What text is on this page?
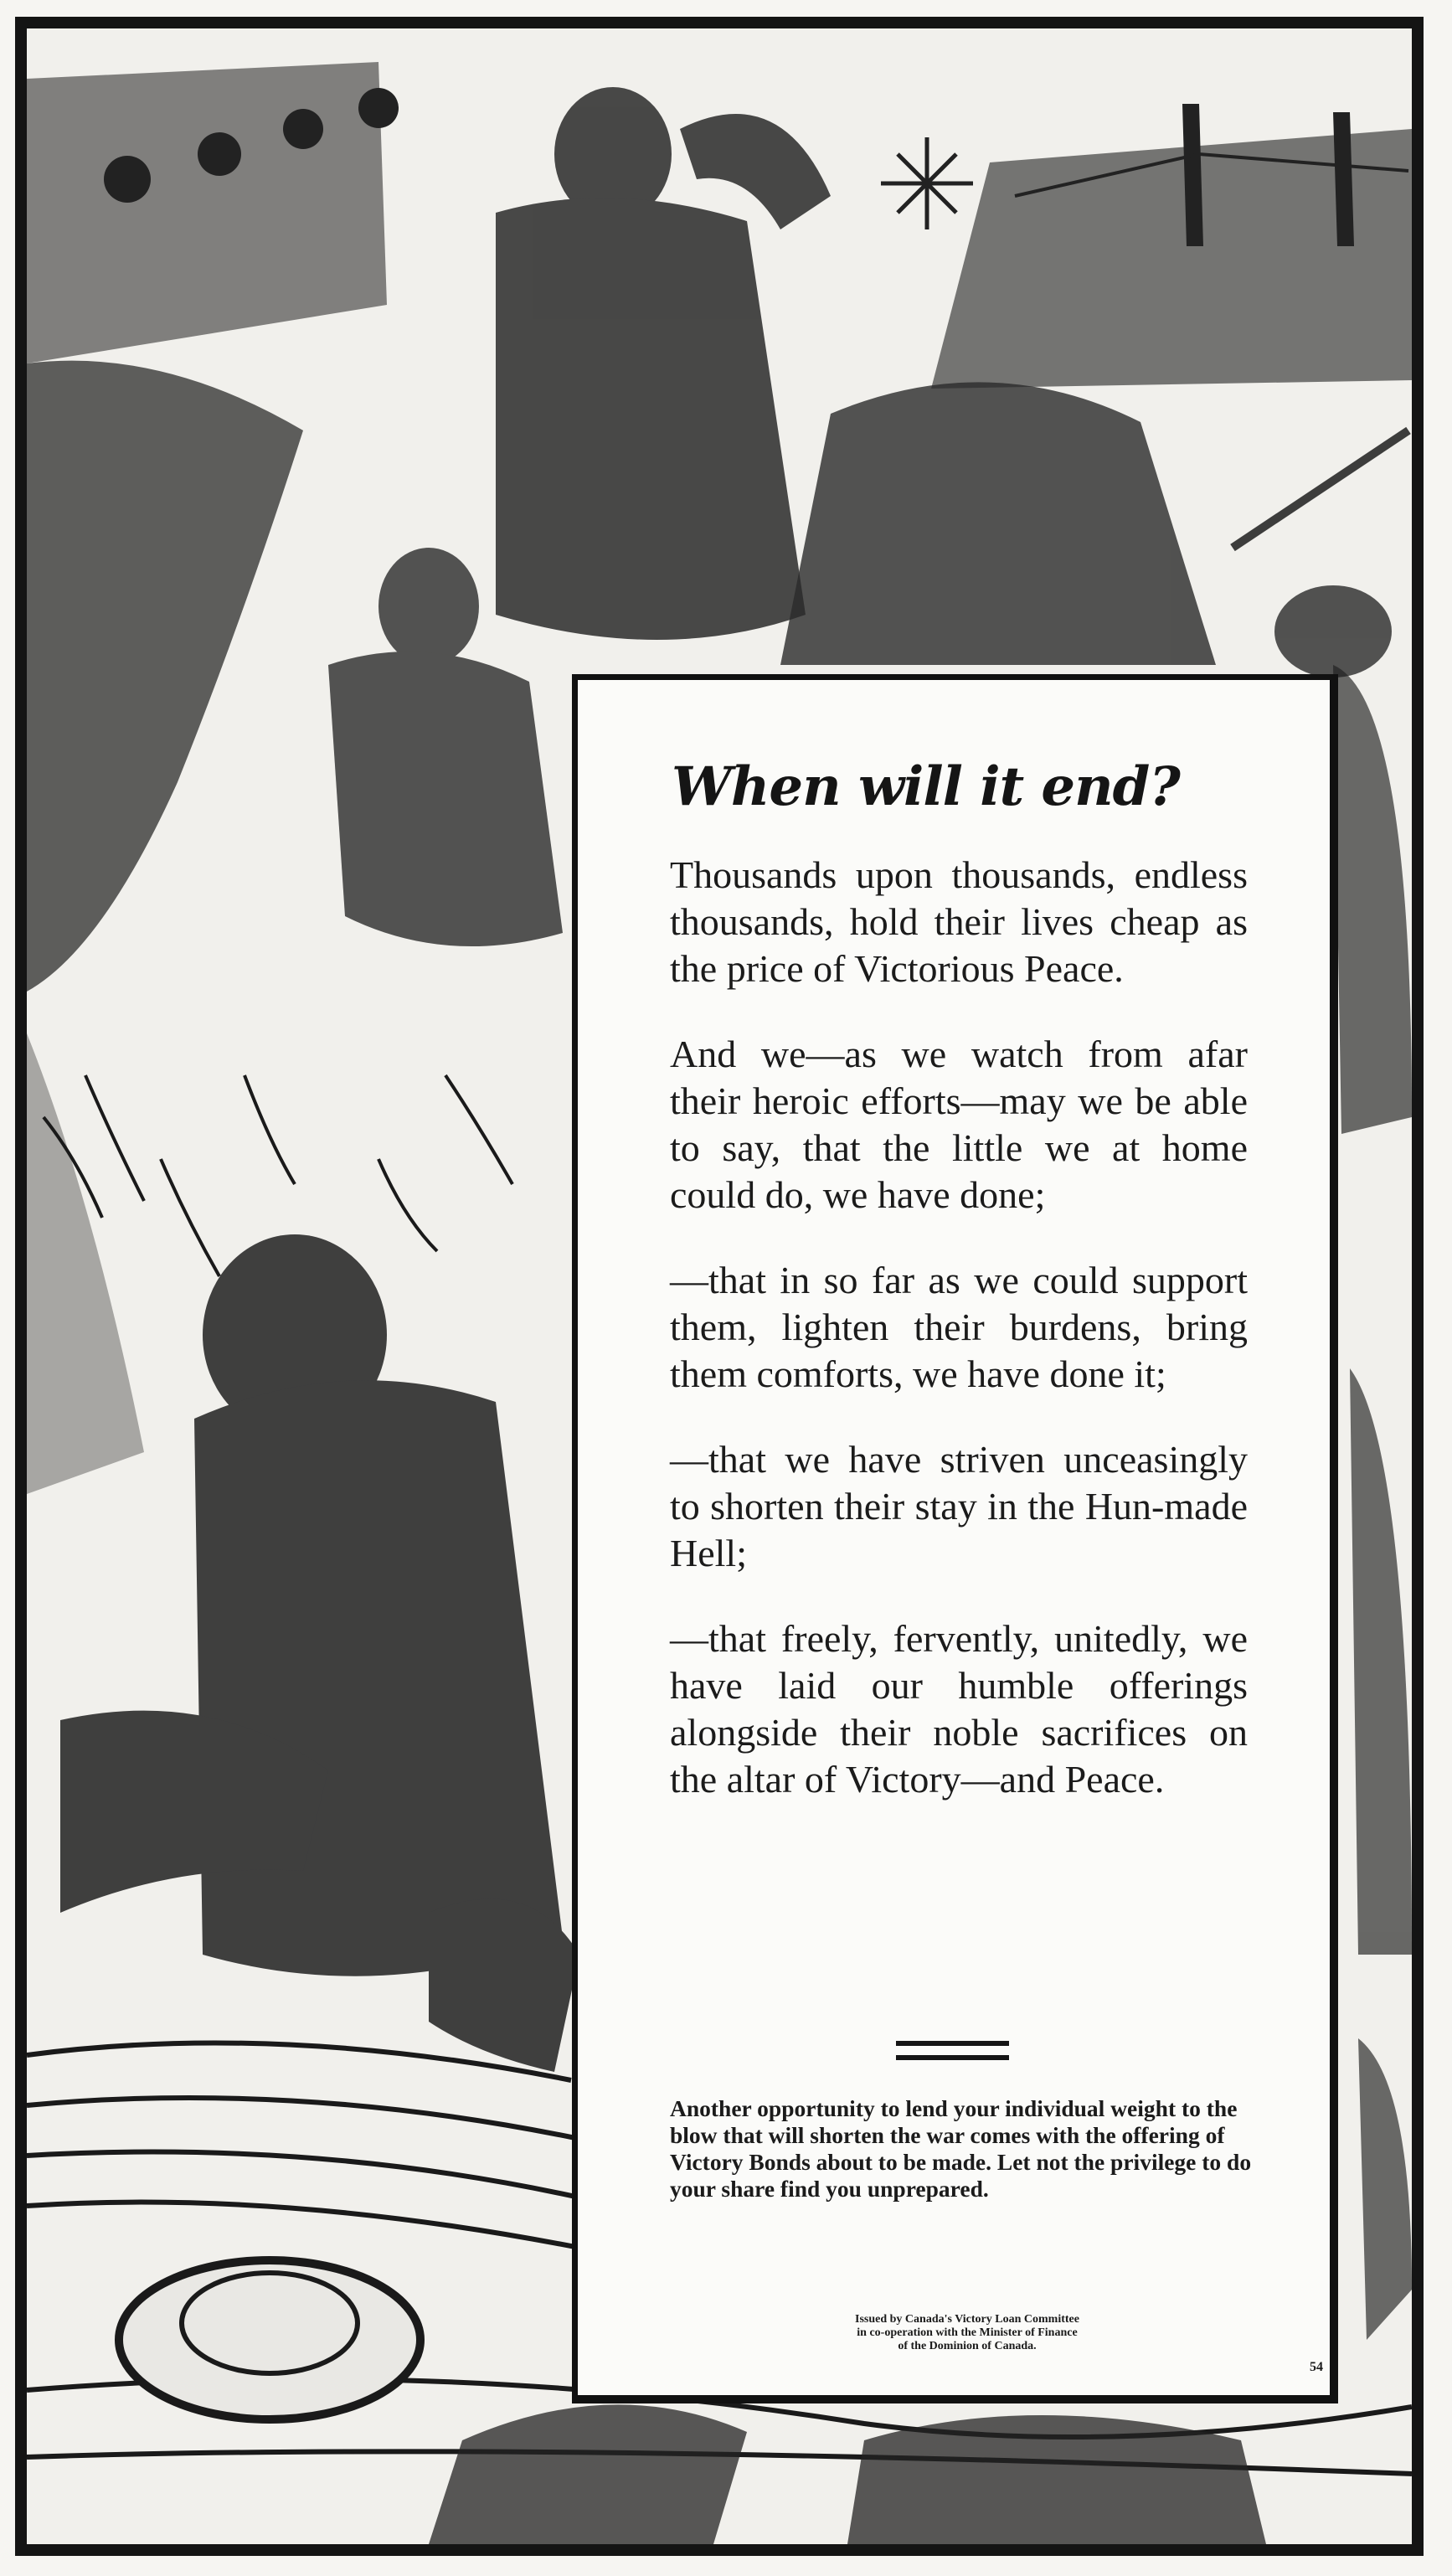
When will it end?

Thousands upon thousands, endless thousands, hold their lives cheap as the price of Victorious Peace.

And we—as we watch from afar their heroic efforts—may we be able to say, that the little we at home could do, we have done;

—that in so far as we could support them, lighten their burdens, bring them comforts, we have done it;

—that we have striven unceasingly to shorten their stay in the Hun-made Hell;

—that freely, fervently, unitedly, we have laid our humble offerings alongside their noble sacrifices on the altar of Victory—and Peace.

Another opportunity to lend your individual weight to the blow that will shorten the war comes with the offering of Victory Bonds about to be made. Let not the privilege to do your share find you unprepared.
Issued by Canada's Victory Loan Committee
in co-operation with the Minister of Finance
of the Dominion of Canada.
54
